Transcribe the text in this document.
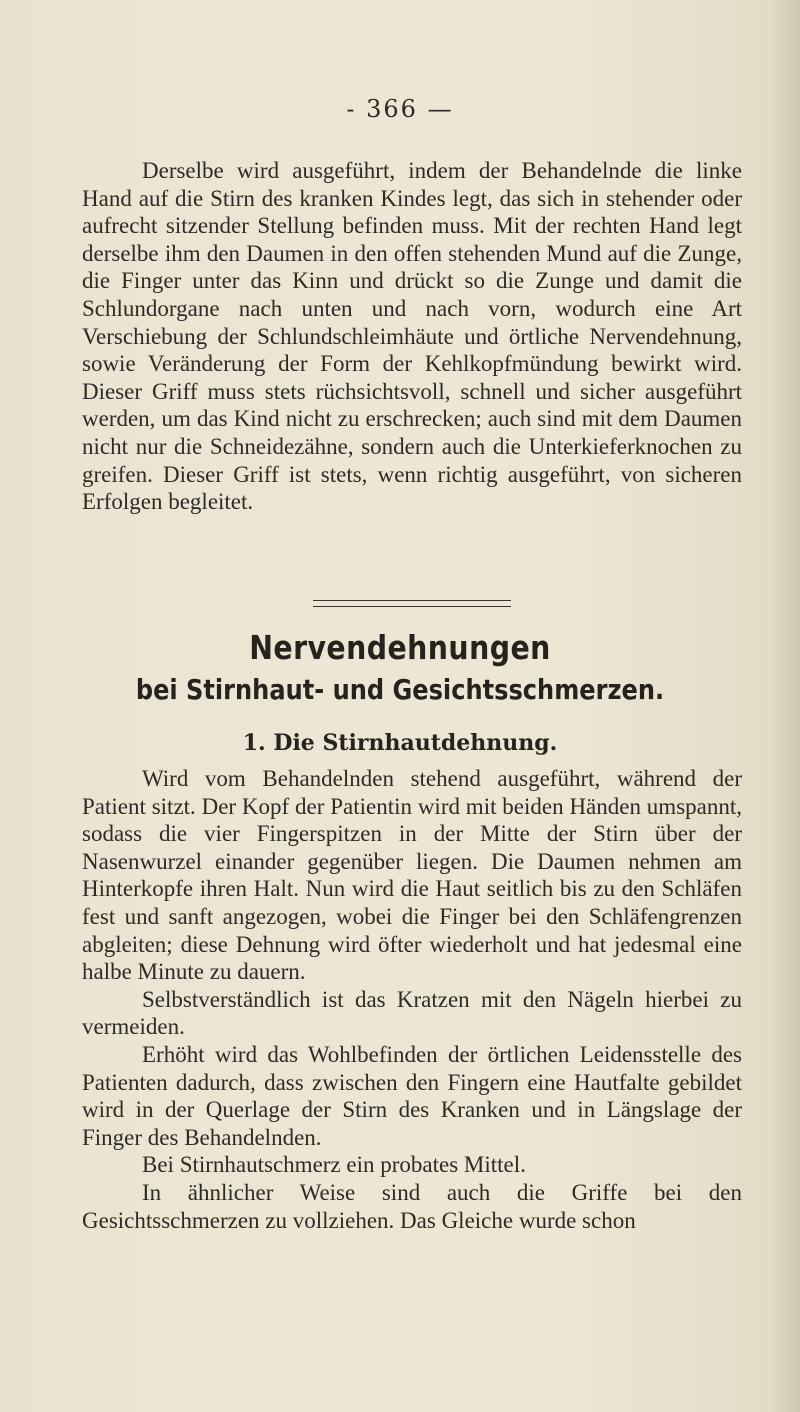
- 366 —

Derselbe wird ausgeführt, indem der Behandelnde die linke Hand auf die Stirn des kranken Kindes legt, das sich in stehender oder aufrecht sitzender Stellung befinden muss. Mit der rechten Hand legt derselbe ihm den Daumen in den offen stehenden Mund auf die Zunge, die Finger unter das Kinn und drückt so die Zunge und damit die Schlundorgane nach unten und nach vorn, wodurch eine Art Verschiebung der Schlundschleimhäute und örtliche Nervendehnung, sowie Veränderung der Form der Kehlkopfmündung bewirkt wird. Dieser Griff muss stets rüchsichtsvoll, schnell und sicher ausgeführt werden, um das Kind nicht zu erschrecken; auch sind mit dem Daumen nicht nur die Schneidezähne, sondern auch die Unterkieferknochen zu greifen. Dieser Griff ist stets, wenn richtig ausgeführt, von sicheren Erfolgen begleitet.

Nervendehnungen
bei Stirnhaut- und Gesichtsschmerzen.
1. Die Stirnhautdehnung.

Wird vom Behandelnden stehend ausgeführt, während der Patient sitzt. Der Kopf der Patientin wird mit beiden Händen umspannt, sodass die vier Fingerspitzen in der Mitte der Stirn über der Nasenwurzel einander gegenüber liegen. Die Daumen nehmen am Hinterkopfe ihren Halt. Nun wird die Haut seitlich bis zu den Schläfen fest und sanft angezogen, wobei die Finger bei den Schläfengrenzen abgleiten; diese Dehnung wird öfter wiederholt und hat jedesmal eine halbe Minute zu dauern.

Selbstverständlich ist das Kratzen mit den Nägeln hierbei zu vermeiden.

Erhöht wird das Wohlbefinden der örtlichen Leidensstelle des Patienten dadurch, dass zwischen den Fingern eine Hautfalte gebildet wird in der Querlage der Stirn des Kranken und in Längslage der Finger des Behandelnden.

Bei Stirnhautschmerz ein probates Mittel.

In ähnlicher Weise sind auch die Griffe bei den Gesichtsschmerzen zu vollziehen. Das Gleiche wurde schon
